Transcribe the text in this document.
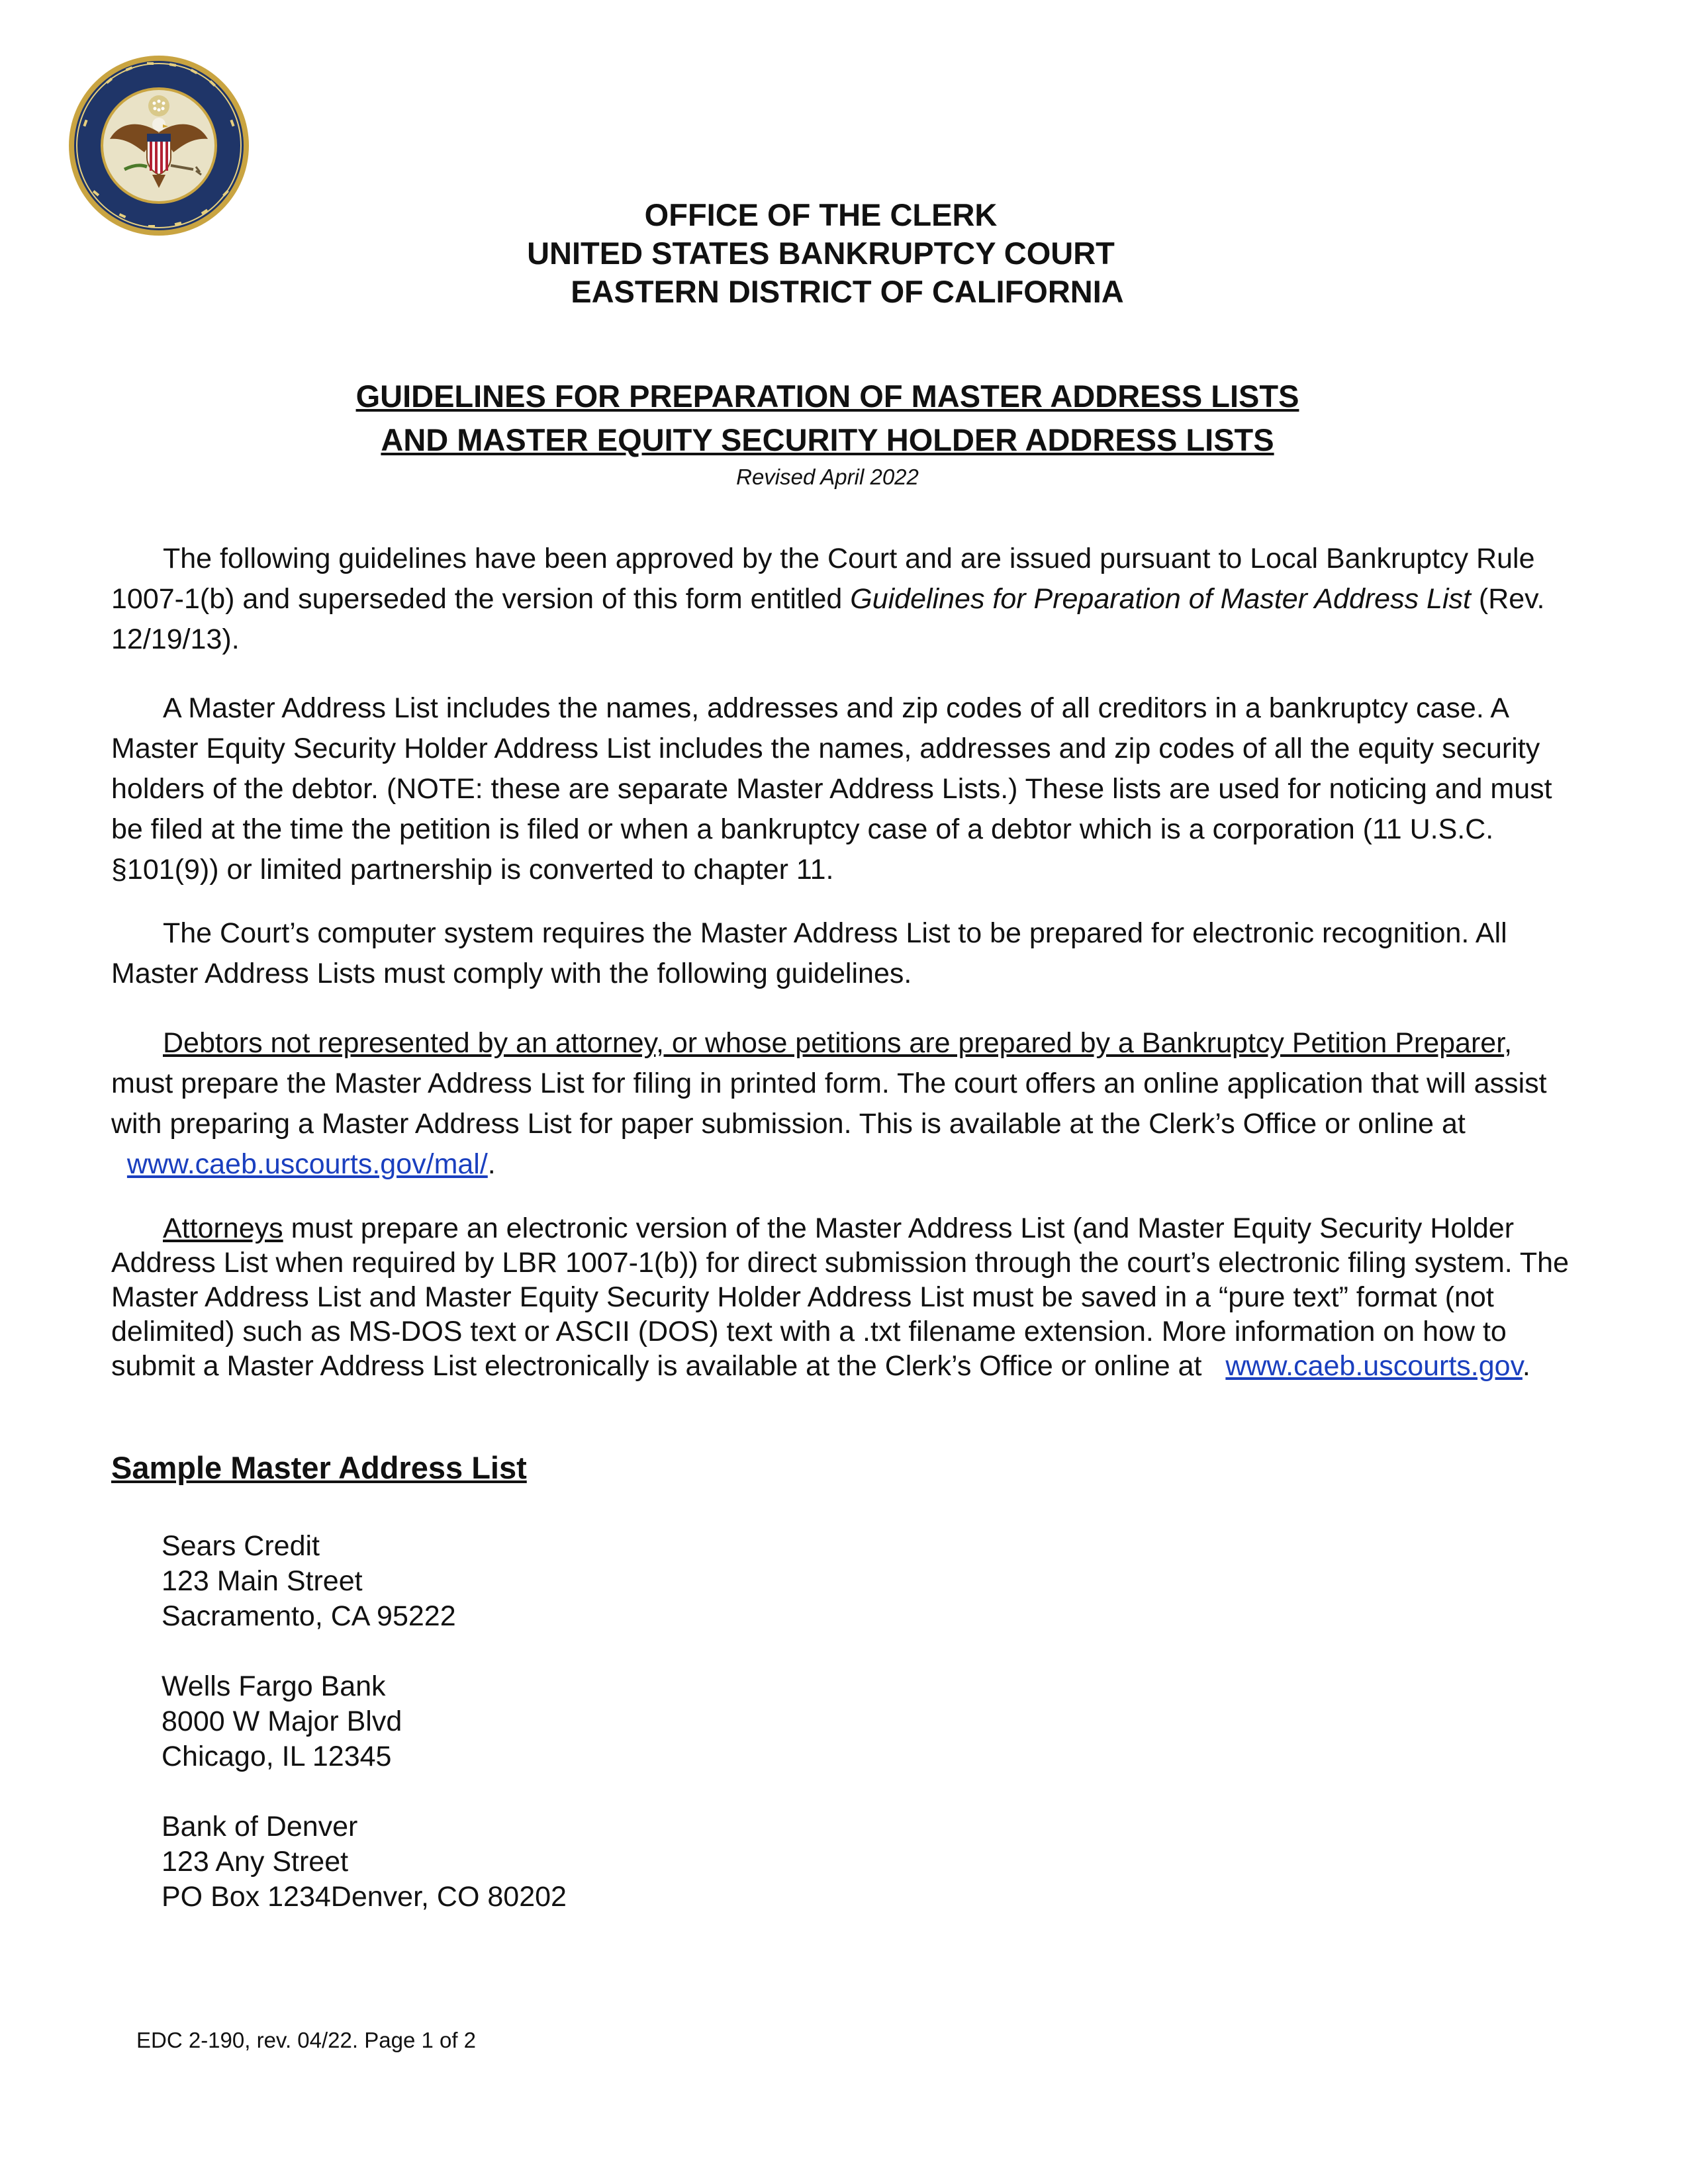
OFFICE OF THE CLERK
UNITED STATES BANKRUPTCY COURT
EASTERN DISTRICT OF CALIFORNIA
GUIDELINES FOR PREPARATION OF MASTER ADDRESS LISTS
AND MASTER EQUITY SECURITY HOLDER ADDRESS LISTS
Revised April 2022

The following guidelines have been approved by the Court and are issued pursuant to Local Bankruptcy Rule 1007-1(b) and superseded the version of this form entitled Guidelines for Preparation of Master Address List (Rev. 12/19/13).

A Master Address List includes the names, addresses and zip codes of all creditors in a bankruptcy case. A Master Equity Security Holder Address List includes the names, addresses and zip codes of all the equity security holders of the debtor. (NOTE: these are separate Master Address Lists.) These lists are used for noticing and must be filed at the time the petition is filed or when a bankruptcy case of a debtor which is a corporation (11 U.S.C. §101(9)) or limited partnership is converted to chapter 11.

The Court’s computer system requires the Master Address List to be prepared for electronic recognition. All Master Address Lists must comply with the following guidelines.

Debtors not represented by an attorney, or whose petitions are prepared by a Bankruptcy Petition Preparer, must prepare the Master Address List for filing in printed form. The court offers an online application that will assist with preparing a Master Address List for paper submission. This is available at the Clerk’s Office or online at   www.caeb.uscourts.gov/mal/.

Attorneys must prepare an electronic version of the Master Address List (and Master Equity Security Holder Address List when required by LBR 1007-1(b)) for direct submission through the court’s electronic filing system. The Master Address List and Master Equity Security Holder Address List must be saved in a “pure text” format (not delimited) such as MS-DOS text or ASCII (DOS) text with a .txt filename extension. More information on how to submit a Master Address List electronically is available at the Clerk’s Office or online at   www.caeb.uscourts.gov.

Sample Master Address List
Sears Credit
123 Main Street
Sacramento, CA 95222
Wells Fargo Bank
8000 W Major Blvd
Chicago, IL 12345
Bank of Denver
123 Any Street
PO Box 1234Denver, CO 80202
EDC 2-190, rev. 04/22. Page 1 of 2
